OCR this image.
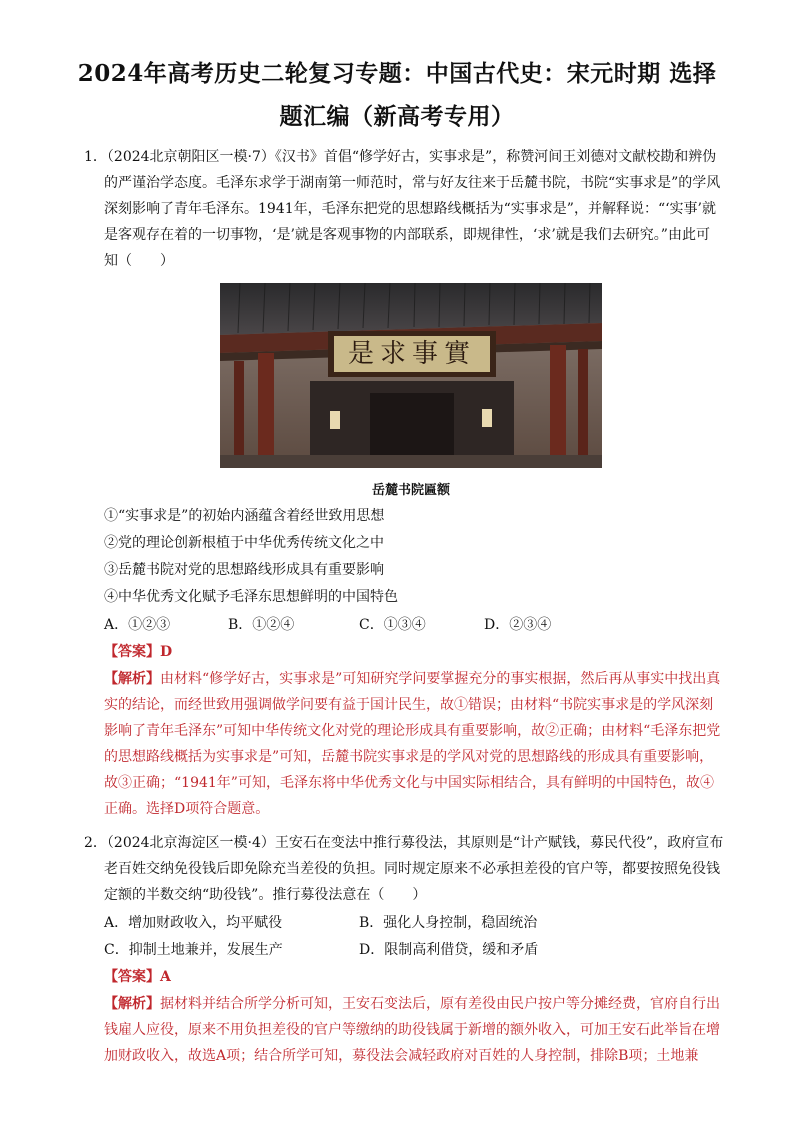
2024年高考历史二轮复习专题：中国古代史：宋元时期 选择
题汇编（新高考专用）
1．（2024北京朝阳区一模·7）《汉书》首倡“修学好古，实事求是”，称赞河间王刘德对文献校勘和辨伪
的严谨治学态度。毛泽东求学于湖南第一师范时，常与好友往来于岳麓书院，书院“实事求是”的学风
深刻影响了青年毛泽东。1941年，毛泽东把党的思想路线概括为“实事求是”，并解释说：“‘实事’就
是客观存在着的一切事物，‘是’就是客观事物的内部联系，即规律性，‘求’就是我们去研究。”由此可
知（　　）
是求事實
岳麓书院匾额
①“实事求是”的初始内涵蕴含着经世致用思想
②党的理论创新根植于中华优秀传统文化之中
③岳麓书院对党的思想路线形成具有重要影响
④中华优秀文化赋予毛泽东思想鲜明的中国特色
A．①②③	B．①②④	C．①③④	D．②③④
【答案】D
【解析】由材料“修学好古，实事求是”可知研究学问要掌握充分的事实根据，然后再从事实中找出真
实的结论，而经世致用强调做学问要有益于国计民生，故①错误；由材料“书院实事求是的学风深刻
影响了青年毛泽东”可知中华传统文化对党的理论形成具有重要影响，故②正确；由材料“毛泽东把党
的思想路线概括为实事求是”可知，岳麓书院实事求是的学风对党的思想路线的形成具有重要影响，
故③正确；“1941年”可知，毛泽东将中华优秀文化与中国实际相结合，具有鲜明的中国特色，故④
正确。选择D项符合题意。
2．（2024北京海淀区一模·4）王安石在变法中推行募役法，其原则是“计产赋钱，募民代役”，政府宣布
老百姓交纳免役钱后即免除充当差役的负担。同时规定原来不必承担差役的官户等，都要按照免役钱
定额的半数交纳“助役钱”。推行募役法意在（　　）
A．增加财政收入，均平赋役	B．强化人身控制，稳固统治
C．抑制土地兼并，发展生产	D．限制高利借贷，缓和矛盾
【答案】A
【解析】据材料并结合所学分析可知，王安石变法后，原有差役由民户按户等分摊经费，官府自行出
钱雇人应役，原来不用负担差役的官户等缴纳的助役钱属于新增的额外收入，可加王安石此举旨在增
加财政收入，故选A项；结合所学可知，募役法会减轻政府对百姓的人身控制，排除B项；土地兼
